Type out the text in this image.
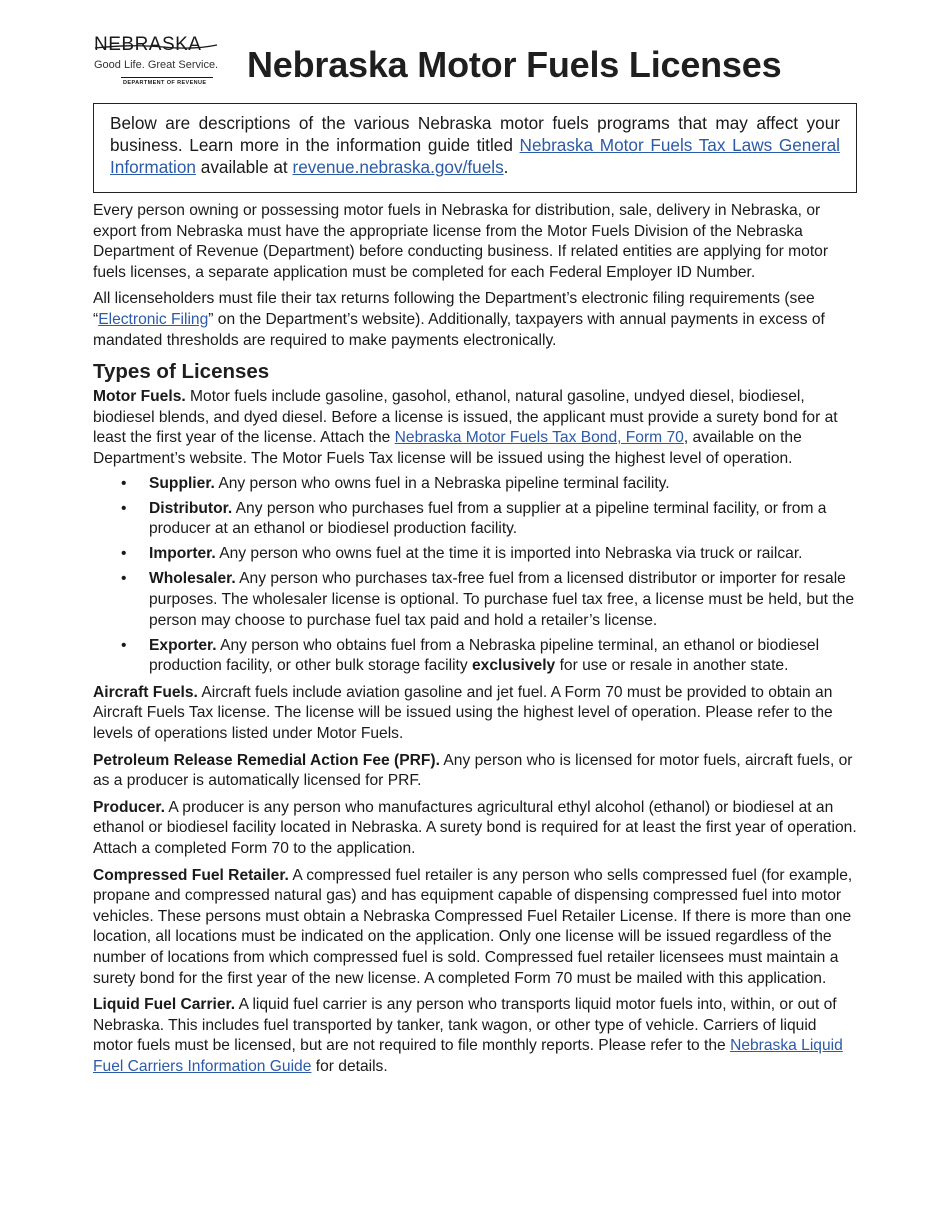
NEBRASKA
Good Life. Great Service.
DEPARTMENT OF REVENUE Nebraska Motor Fuels Licenses
Below are descriptions of the various Nebraska motor fuels programs that may affect your business. Learn more in the information guide titled Nebraska Motor Fuels Tax Laws General Information available at revenue.nebraska.gov/fuels.

Every person owning or possessing motor fuels in Nebraska for distribution, sale, delivery in Nebraska, or export from Nebraska must have the appropriate license from the Motor Fuels Division of the Nebraska Department of Revenue (Department) before conducting business. If related entities are applying for motor fuels licenses, a separate application must be completed for each Federal Employer ID Number.

All licenseholders must file their tax returns following the Department’s electronic filing requirements (see “Electronic Filing” on the Department’s website). Additionally, taxpayers with annual payments in excess of mandated thresholds are required to make payments electronically.

Types of Licenses

Motor Fuels. Motor fuels include gasoline, gasohol, ethanol, natural gasoline, undyed diesel, biodiesel, biodiesel blends, and dyed diesel. Before a license is issued, the applicant must provide a surety bond for at least the first year of the license. Attach the Nebraska Motor Fuels Tax Bond, Form 70, available on the Department’s website. The Motor Fuels Tax license will be issued using the highest level of operation.

• Supplier. Any person who owns fuel in a Nebraska pipeline terminal facility.
• Distributor. Any person who purchases fuel from a supplier at a pipeline terminal facility, or from a producer at an ethanol or biodiesel production facility.
• Importer. Any person who owns fuel at the time it is imported into Nebraska via truck or railcar.
• Wholesaler. Any person who purchases tax-free fuel from a licensed distributor or importer for resale purposes. The wholesaler license is optional. To purchase fuel tax free, a license must be held, but the person may choose to purchase fuel tax paid and hold a retailer’s license.
• Exporter. Any person who obtains fuel from a Nebraska pipeline terminal, an ethanol or biodiesel production facility, or other bulk storage facility exclusively for use or resale in another state.

Aircraft Fuels. Aircraft fuels include aviation gasoline and jet fuel. A Form 70 must be provided to obtain an Aircraft Fuels Tax license. The license will be issued using the highest level of operation. Please refer to the levels of operations listed under Motor Fuels.

Petroleum Release Remedial Action Fee (PRF). Any person who is licensed for motor fuels, aircraft fuels, or as a producer is automatically licensed for PRF.

Producer. A producer is any person who manufactures agricultural ethyl alcohol (ethanol) or biodiesel at an ethanol or biodiesel facility located in Nebraska. A surety bond is required for at least the first year of operation. Attach a completed Form 70 to the application.

Compressed Fuel Retailer. A compressed fuel retailer is any person who sells compressed fuel (for example, propane and compressed natural gas) and has equipment capable of dispensing compressed fuel into motor vehicles. These persons must obtain a Nebraska Compressed Fuel Retailer License. If there is more than one location, all locations must be indicated on the application. Only one license will be issued regardless of the number of locations from which compressed fuel is sold. Compressed fuel retailer licensees must maintain a surety bond for the first year of the new license. A completed Form 70 must be mailed with this application.

Liquid Fuel Carrier. A liquid fuel carrier is any person who transports liquid motor fuels into, within, or out of Nebraska. This includes fuel transported by tanker, tank wagon, or other type of vehicle. Carriers of liquid motor fuels must be licensed, but are not required to file monthly reports. Please refer to the Nebraska Liquid Fuel Carriers Information Guide for details.
